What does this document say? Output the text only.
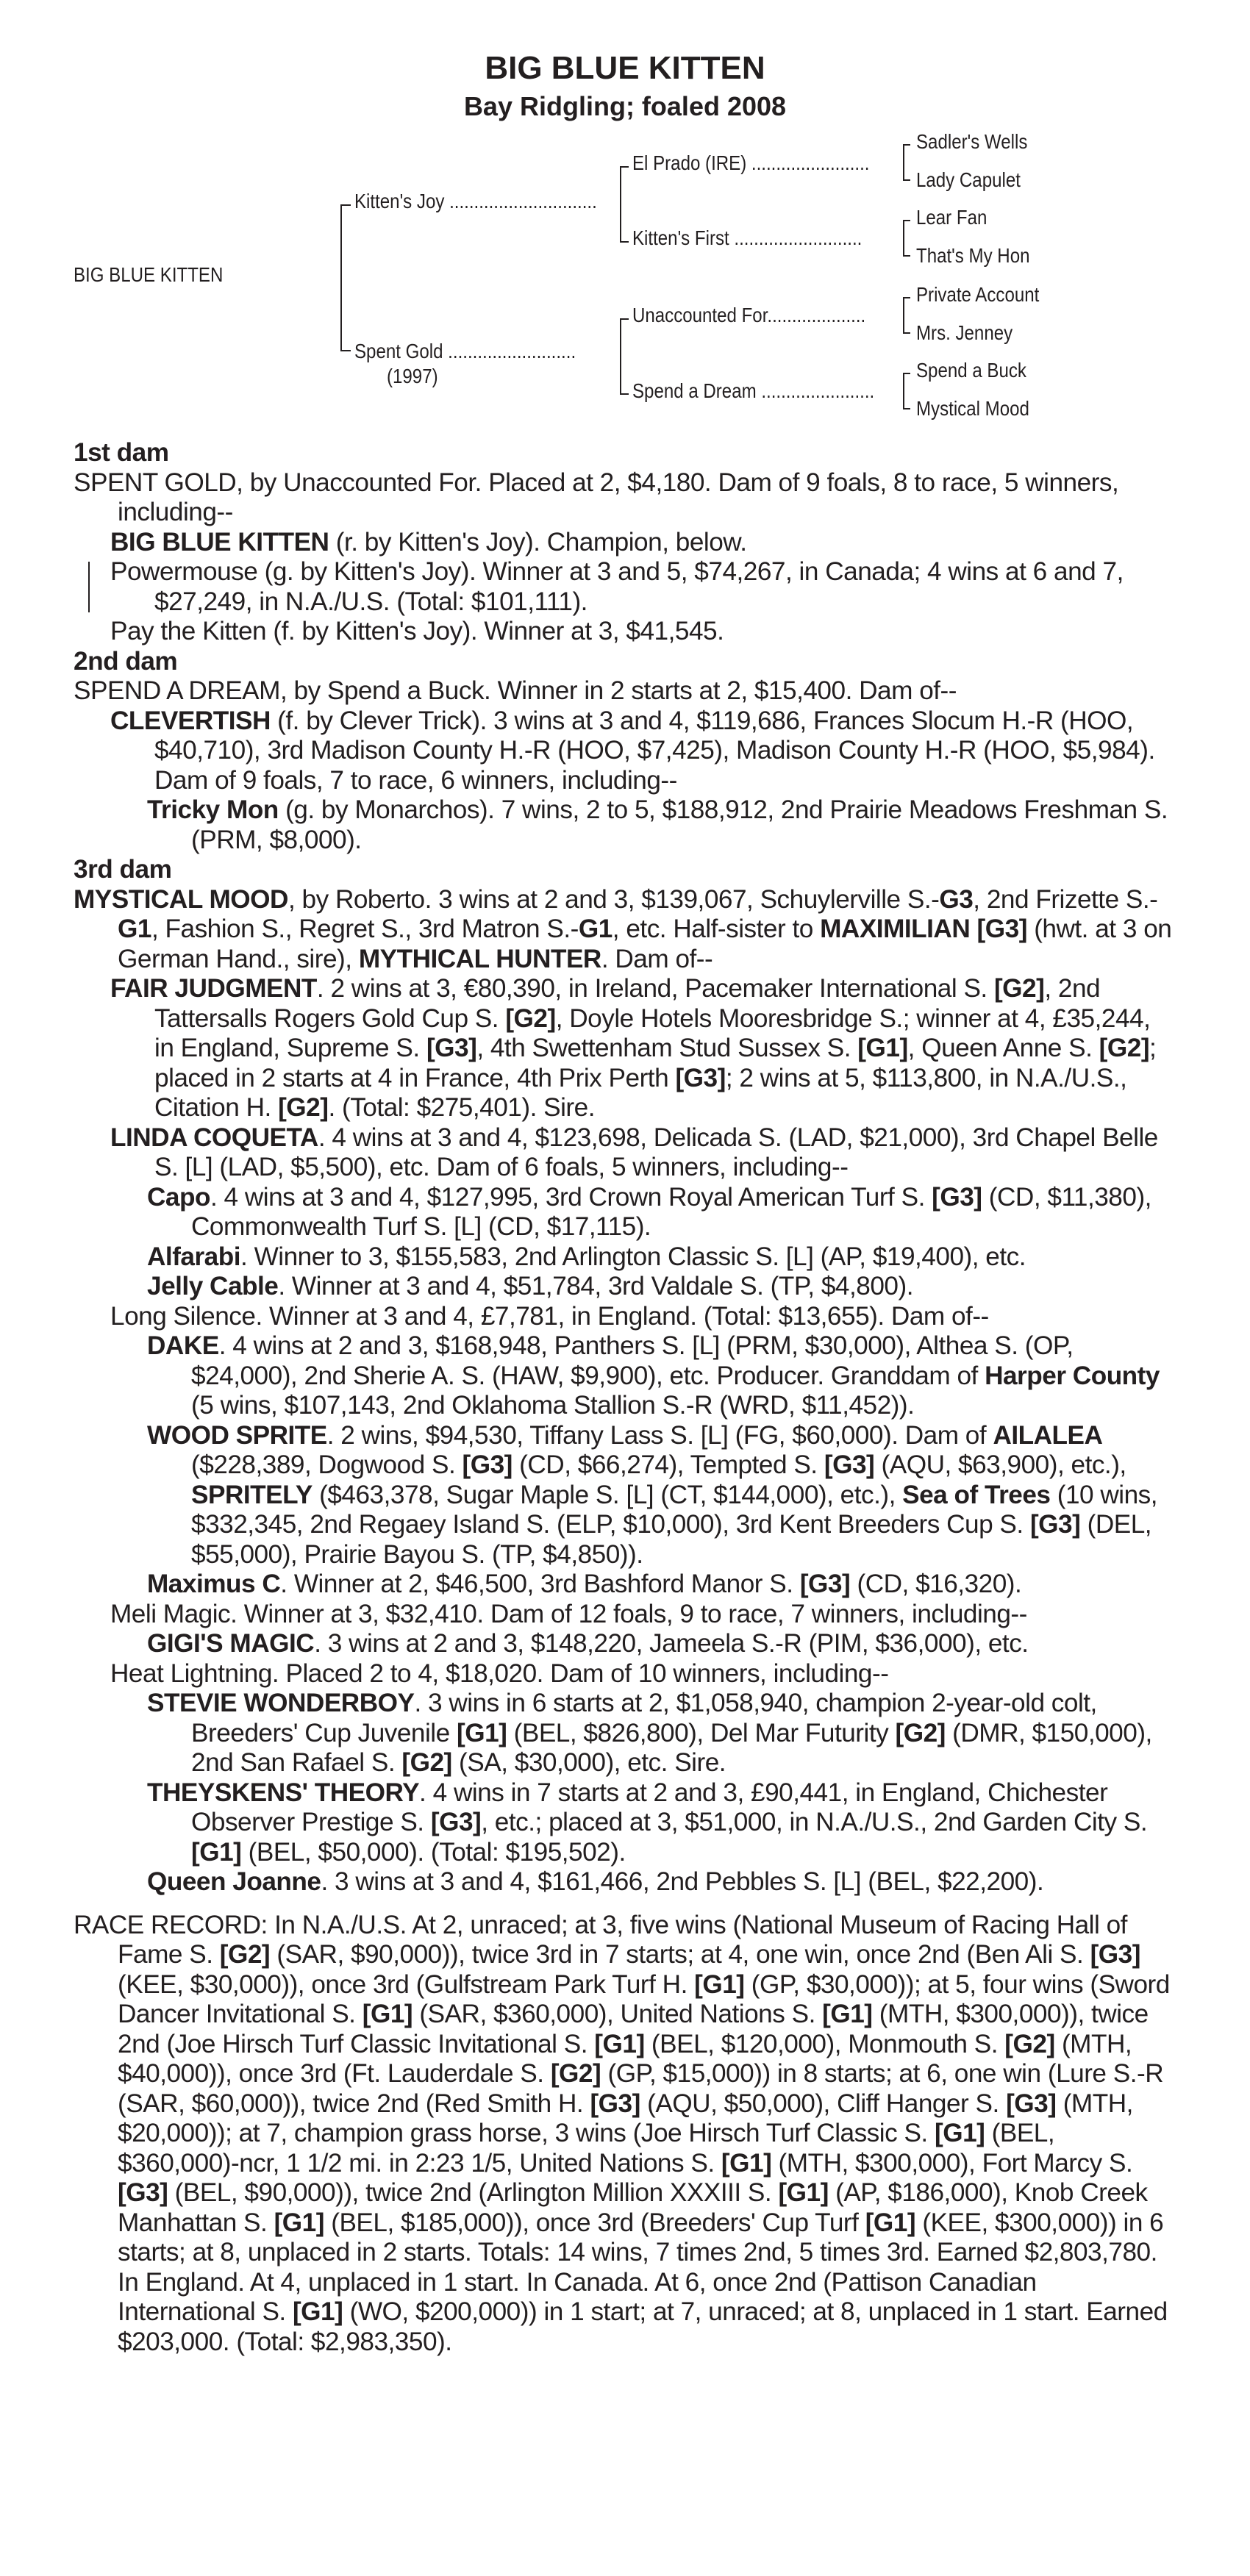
BIG BLUE KITTEN
Bay Ridgling; foaled 2008
BIG BLUE KITTEN
Kitten's Joy ..............................
Spent Gold ..........................
(1997)
El Prado (IRE) ........................
Kitten's First ..........................
Unaccounted For....................
Spend a Dream .......................
Sadler's Wells
Lady Capulet
Lear Fan
That's My Hon
Private Account
Mrs. Jenney
Spend a Buck
Mystical Mood
1st dam
SPENT GOLD, by Unaccounted For. Placed at 2, $4,180. Dam of 9 foals, 8 to race, 5 winners, including--
BIG BLUE KITTEN (r. by Kitten's Joy). Champion, below.
Powermouse (g. by Kitten's Joy). Winner at 3 and 5, $74,267, in Canada; 4 wins at 6 and 7, $27,249, in N.A./U.S. (Total: $101,111).
Pay the Kitten (f. by Kitten's Joy). Winner at 3, $41,545.
2nd dam
SPEND A DREAM, by Spend a Buck. Winner in 2 starts at 2, $15,400. Dam of--
CLEVERTISH (f. by Clever Trick). 3 wins at 3 and 4, $119,686, Frances Slocum H.-R (HOO, $40,710), 3rd Madison County H.-R (HOO, $7,425), Madison County H.-R (HOO, $5,984). Dam of 9 foals, 7 to race, 6 winners, including--
Tricky Mon (g. by Monarchos). 7 wins, 2 to 5, $188,912, 2nd Prairie Meadows Freshman S. (PRM, $8,000).
3rd dam
MYSTICAL MOOD, by Roberto. 3 wins at 2 and 3, $139,067, Schuylerville S.-G3, 2nd Frizette S.-G1, Fashion S., Regret S., 3rd Matron S.-G1, etc. Half-sister to MAXIMILIAN [G3] (hwt. at 3 on German Hand., sire), MYTHICAL HUNTER. Dam of--
FAIR JUDGMENT. 2 wins at 3, €80,390, in Ireland, Pacemaker International S. [G2], 2nd Tattersalls Rogers Gold Cup S. [G2], Doyle Hotels Mooresbridge S.; winner at 4, £35,244, in England, Supreme S. [G3], 4th Swettenham Stud Sussex S. [G1], Queen Anne S. [G2]; placed in 2 starts at 4 in France, 4th Prix Perth [G3]; 2 wins at 5, $113,800, in N.A./U.S., Citation H. [G2]. (Total: $275,401). Sire.
LINDA COQUETA. 4 wins at 3 and 4, $123,698, Delicada S. (LAD, $21,000), 3rd Chapel Belle S. [L] (LAD, $5,500), etc. Dam of 6 foals, 5 winners, including--
Capo. 4 wins at 3 and 4, $127,995, 3rd Crown Royal American Turf S. [G3] (CD, $11,380), Commonwealth Turf S. [L] (CD, $17,115).
Alfarabi. Winner to 3, $155,583, 2nd Arlington Classic S. [L] (AP, $19,400), etc.
Jelly Cable. Winner at 3 and 4, $51,784, 3rd Valdale S. (TP, $4,800).
Long Silence. Winner at 3 and 4, £7,781, in England. (Total: $13,655). Dam of--
DAKE. 4 wins at 2 and 3, $168,948, Panthers S. [L] (PRM, $30,000), Althea S. (OP, $24,000), 2nd Sherie A. S. (HAW, $9,900), etc. Producer. Granddam of Harper County (5 wins, $107,143, 2nd Oklahoma Stallion S.-R (WRD, $11,452)).
WOOD SPRITE. 2 wins, $94,530, Tiffany Lass S. [L] (FG, $60,000). Dam of AILALEA ($228,389, Dogwood S. [G3] (CD, $66,274), Tempted S. [G3] (AQU, $63,900), etc.), SPRITELY ($463,378, Sugar Maple S. [L] (CT, $144,000), etc.), Sea of Trees (10 wins, $332,345, 2nd Regaey Island S. (ELP, $10,000), 3rd Kent Breeders Cup S. [G3] (DEL, $55,000), Prairie Bayou S. (TP, $4,850)).
Maximus C. Winner at 2, $46,500, 3rd Bashford Manor S. [G3] (CD, $16,320).
Meli Magic. Winner at 3, $32,410. Dam of 12 foals, 9 to race, 7 winners, including--
GIGI'S MAGIC. 3 wins at 2 and 3, $148,220, Jameela S.-R (PIM, $36,000), etc.
Heat Lightning. Placed 2 to 4, $18,020. Dam of 10 winners, including--
STEVIE WONDERBOY. 3 wins in 6 starts at 2, $1,058,940, champion 2-year-old colt, Breeders' Cup Juvenile [G1] (BEL, $826,800), Del Mar Futurity [G2] (DMR, $150,000), 2nd San Rafael S. [G2] (SA, $30,000), etc. Sire.
THEYSKENS' THEORY. 4 wins in 7 starts at 2 and 3, £90,441, in England, Chichester Observer Prestige S. [G3], etc.; placed at 3, $51,000, in N.A./U.S., 2nd Garden City S. [G1] (BEL, $50,000). (Total: $195,502).
Queen Joanne. 3 wins at 3 and 4, $161,466, 2nd Pebbles S. [L] (BEL, $22,200).
RACE RECORD: In N.A./U.S. At 2, unraced; at 3, five wins (National Museum of Racing Hall of Fame S. [G2] (SAR, $90,000)), twice 3rd in 7 starts; at 4, one win, once 2nd (Ben Ali S. [G3] (KEE, $30,000)), once 3rd (Gulfstream Park Turf H. [G1] (GP, $30,000)); at 5, four wins (Sword Dancer Invitational S. [G1] (SAR, $360,000), United Nations S. [G1] (MTH, $300,000)), twice 2nd (Joe Hirsch Turf Classic Invitational S. [G1] (BEL, $120,000), Monmouth S. [G2] (MTH, $40,000)), once 3rd (Ft. Lauderdale S. [G2] (GP, $15,000)) in 8 starts; at 6, one win (Lure S.-R (SAR, $60,000)), twice 2nd (Red Smith H. [G3] (AQU, $50,000), Cliff Hanger S. [G3] (MTH, $20,000)); at 7, champion grass horse, 3 wins (Joe Hirsch Turf Classic S. [G1] (BEL, $360,000)-ncr, 1 1/2 mi. in 2:23 1/5, United Nations S. [G1] (MTH, $300,000), Fort Marcy S. [G3] (BEL, $90,000)), twice 2nd (Arlington Million XXXIII S. [G1] (AP, $186,000), Knob Creek Manhattan S. [G1] (BEL, $185,000)), once 3rd (Breeders' Cup Turf [G1] (KEE, $300,000)) in 6 starts; at 8, unplaced in 2 starts. Totals: 14 wins, 7 times 2nd, 5 times 3rd. Earned $2,803,780. In England. At 4, unplaced in 1 start. In Canada. At 6, once 2nd (Pattison Canadian International S. [G1] (WO, $200,000)) in 1 start; at 7, unraced; at 8, unplaced in 1 start. Earned $203,000. (Total: $2,983,350).
